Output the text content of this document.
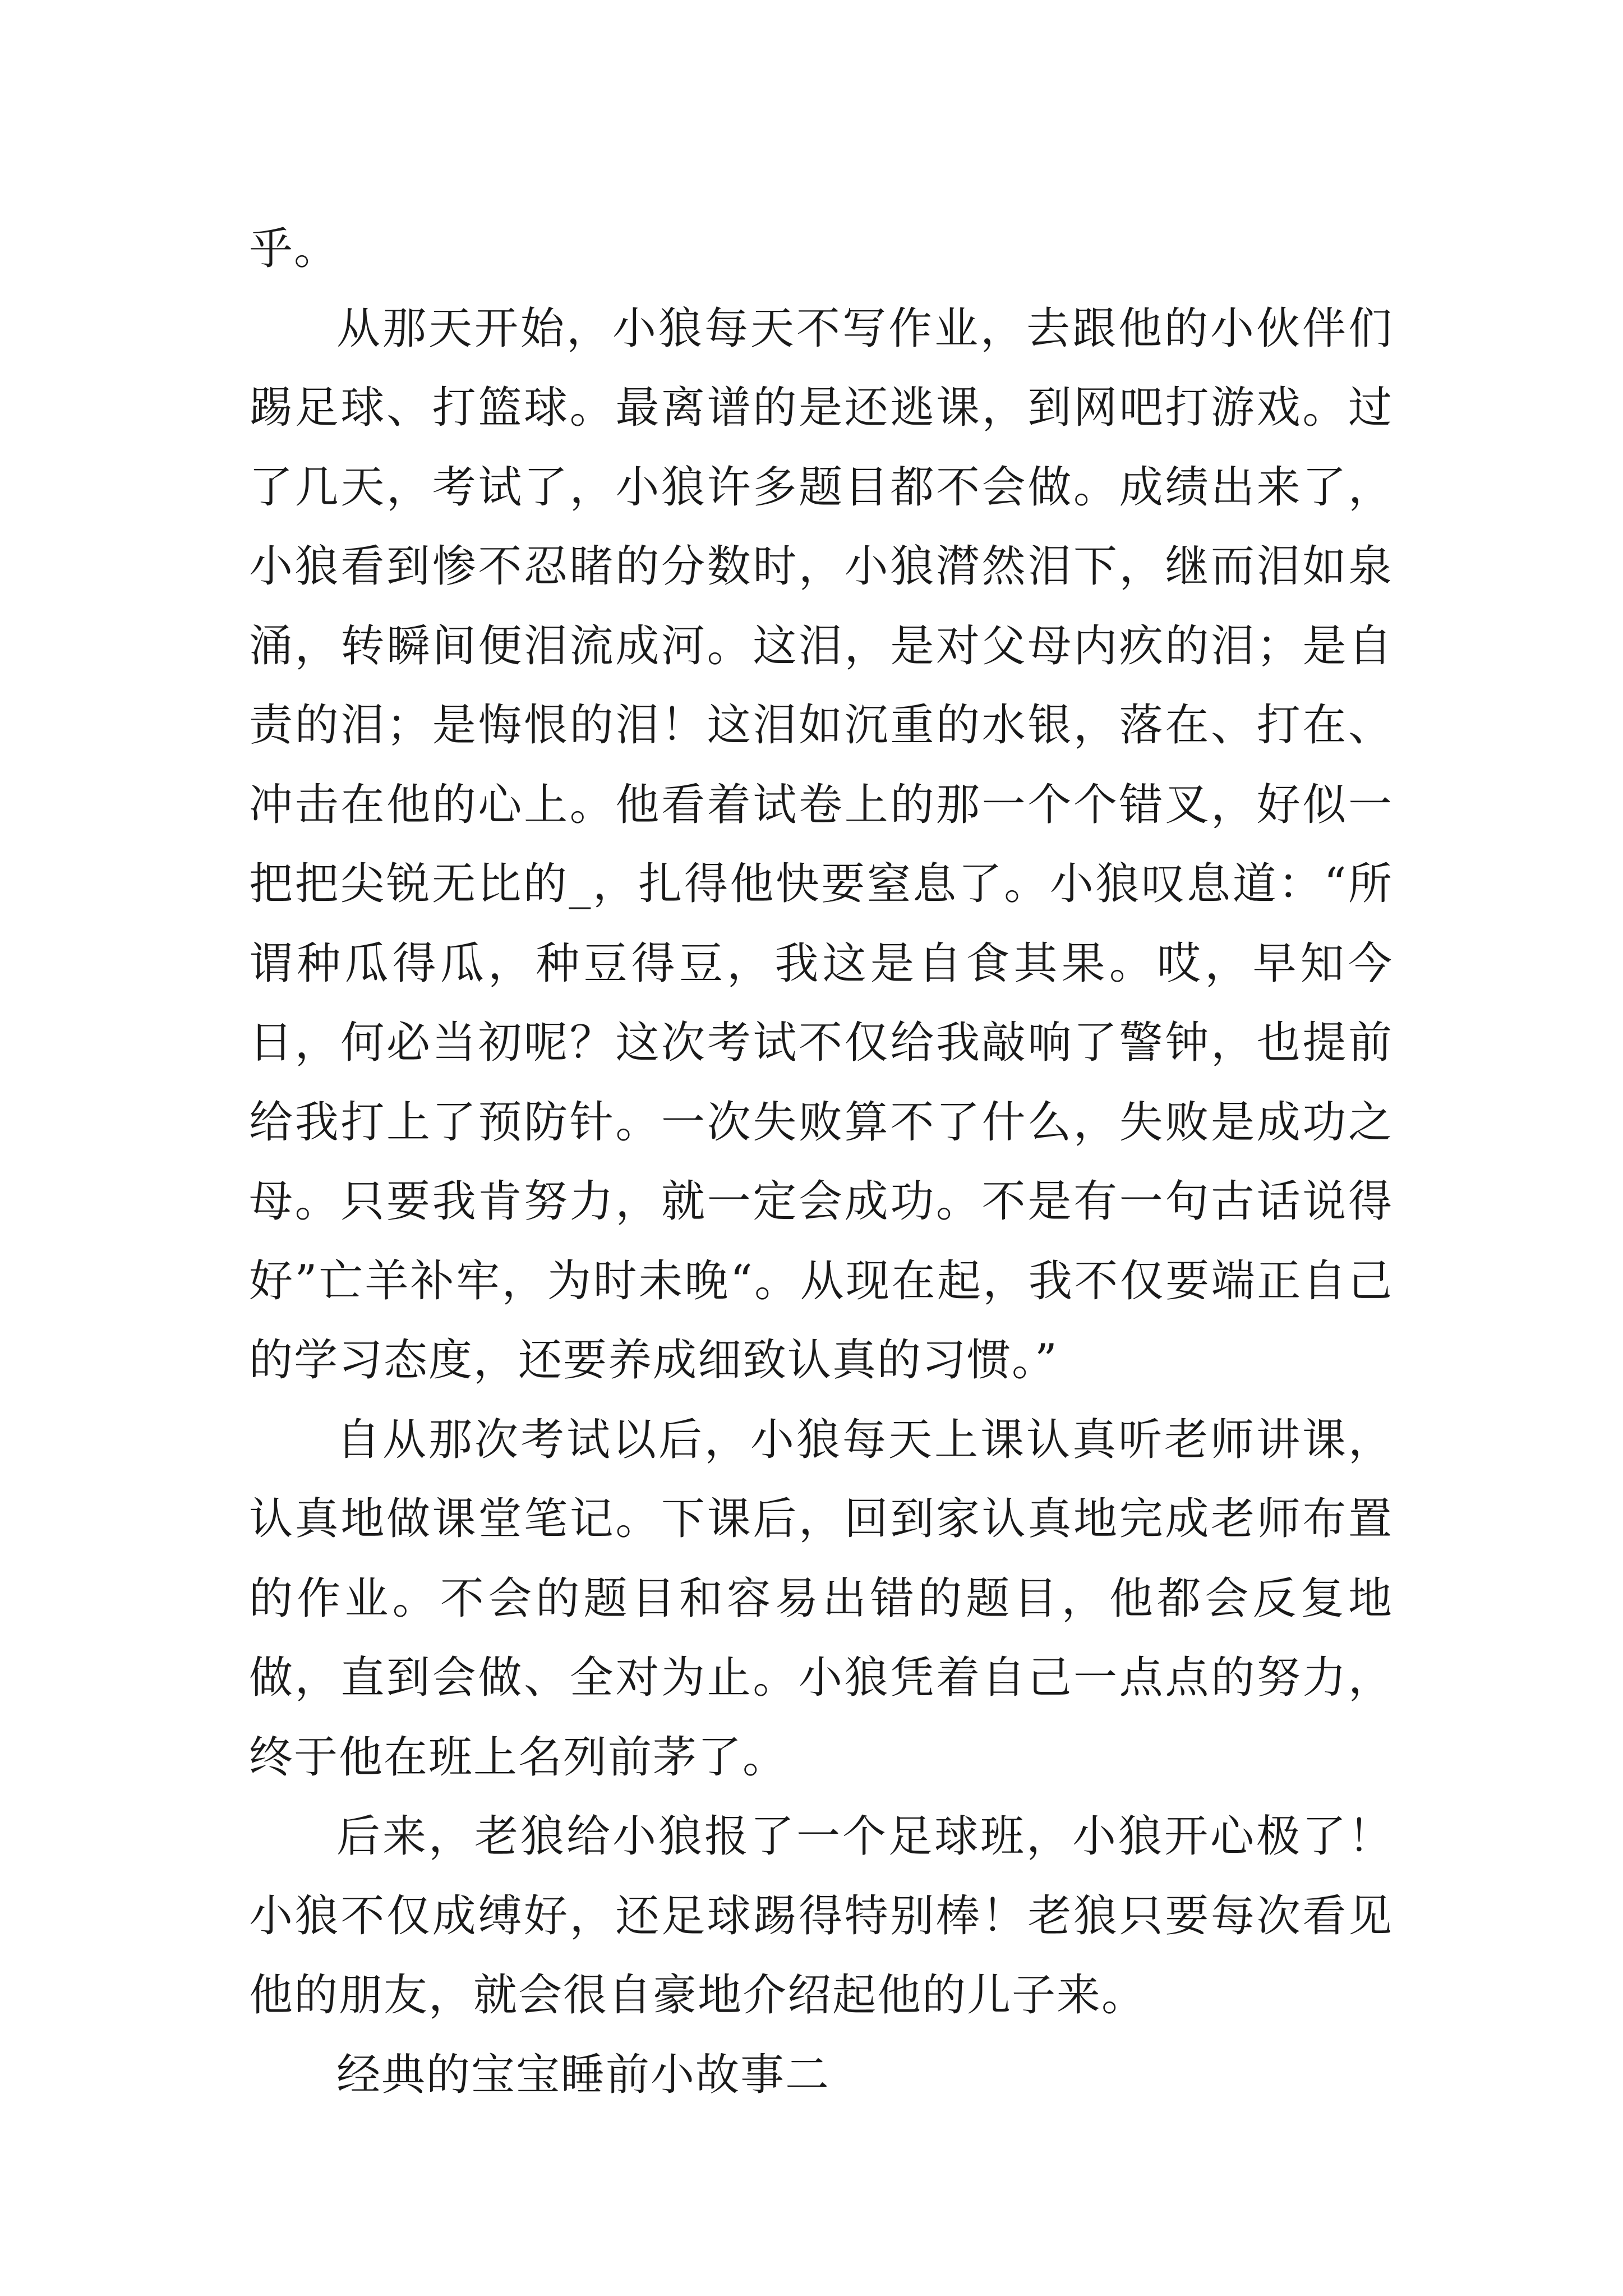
乎。

从那天开始，小狼每天不写作业，去跟他的小伙伴们踢足球、打篮球。最离谱的是还逃课，到网吧打游戏。过了几天，考试了，小狼许多题目都不会做。成绩出来了，小狼看到惨不忍睹的分数时，小狼潸然泪下，继而泪如泉涌，转瞬间便泪流成河。这泪，是对父母内疚的泪；是自责的泪；是悔恨的泪！这泪如沉重的水银，落在、打在、冲击在他的心上。他看着试卷上的那一个个错叉，好似一把把尖锐无比的_，扎得他快要窒息了。小狼叹息道：“所谓种瓜得瓜，种豆得豆，我这是自食其果。哎，早知今日，何必当初呢？这次考试不仅给我敲响了警钟，也提前给我打上了预防针。一次失败算不了什么，失败是成功之母。只要我肯努力，就一定会成功。不是有一句古话说得好”亡羊补牢，为时未晚“。从现在起，我不仅要端正自己的学习态度，还要养成细致认真的习惯。”

自从那次考试以后，小狼每天上课认真听老师讲课，认真地做课堂笔记。下课后，回到家认真地完成老师布置的作业。不会的题目和容易出错的题目，他都会反复地做，直到会做、全对为止。小狼凭着自己一点点的努力，终于他在班上名列前茅了。

后来，老狼给小狼报了一个足球班，小狼开心极了！小狼不仅成缚好，还足球踢得特别棒！老狼只要每次看见他的朋友，就会很自豪地介绍起他的儿子来。

经典的宝宝睡前小故事二
